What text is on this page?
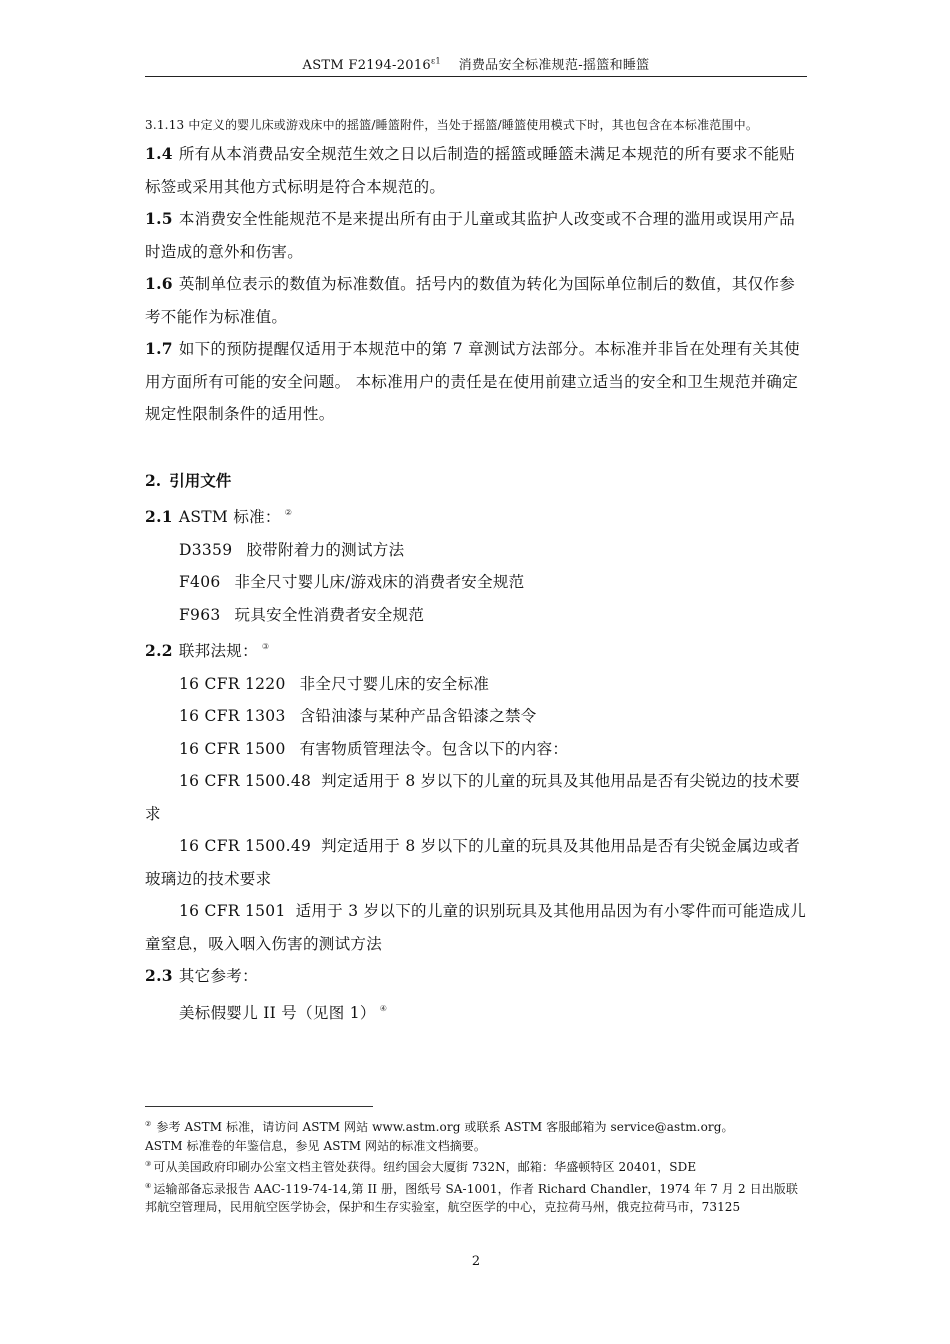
ASTM $F2194-2016^{\varepsilon 1}$ 消费品安全标准规范-摇篮和睡篮
3.1.13 中定义的婴儿床或游戏床中的摇篮/睡篮附件，当处于摇篮/睡篮使用模式下时，其也包含在本标准范围中。
1.4 所有从本消费品安全规范生效之日以后制造的摇篮或睡篮未满足本规范的所有要求不能贴标签或采用其他方式标明是符合本规范的。
1.5 本消费安全性能规范不是来提出所有由于儿童或其监护人改变或不合理的滥用或误用产品时造成的意外和伤害。
1.6 英制单位表示的数值为标准数值。括号内的数值为转化为国际单位制后的数值，其仅作参考不能作为标准值。
1.7 如下的预防提醒仅适用于本规范中的第 7 章测试方法部分。本标准并非旨在处理有关其使用方面所有可能的安全问题。 本标准用户的责任是在使用前建立适当的安全和卫生规范并确定规定性限制条件的适用性。
2. 引用文件
2.1 ASTM 标准： ②
D3359 胶带附着力的测试方法
F406 非全尺寸婴儿床/游戏床的消费者安全规范
F963 玩具安全性消费者安全规范
2.2 联邦法规： ③
16 CFR 1220 非全尺寸婴儿床的安全标准
16 CFR 1303 含铅油漆与某种产品含铅漆之禁令
16 CFR 1500 有害物质管理法令。包含以下的内容：
16 CFR 1500.48 判定适用于 8 岁以下的儿童的玩具及其他用品是否有尖锐边的技术要求
16 CFR 1500.49 判定适用于 8 岁以下的儿童的玩具及其他用品是否有尖锐金属边或者玻璃边的技术要求
16 CFR 1501 适用于 3 岁以下的儿童的识别玩具及其他用品因为有小零件而可能造成儿童窒息，吸入咽入伤害的测试方法
2.3 其它参考：
美标假婴儿 II 号（见图 1） ④
② 参考 ASTM 标准，请访问 ASTM 网站 www.astm.org 或联系 ASTM 客服邮箱为 service@astm.org。
ASTM 标准卷的年鉴信息，参见 ASTM 网站的标准文档摘要。
③ 可从美国政府印刷办公室文档主管处获得。纽约国会大厦街 732N，邮箱：华盛顿特区 20401，SDE
④ 运输部备忘录报告 AAC-119-74-14,第 II 册，图纸号 SA-1001，作者 Richard Chandler，1974 年 7 月 2 日出版联邦航空管理局，民用航空医学协会，保护和生存实验室，航空医学的中心，克拉荷马州，俄克拉荷马市，73125
2
